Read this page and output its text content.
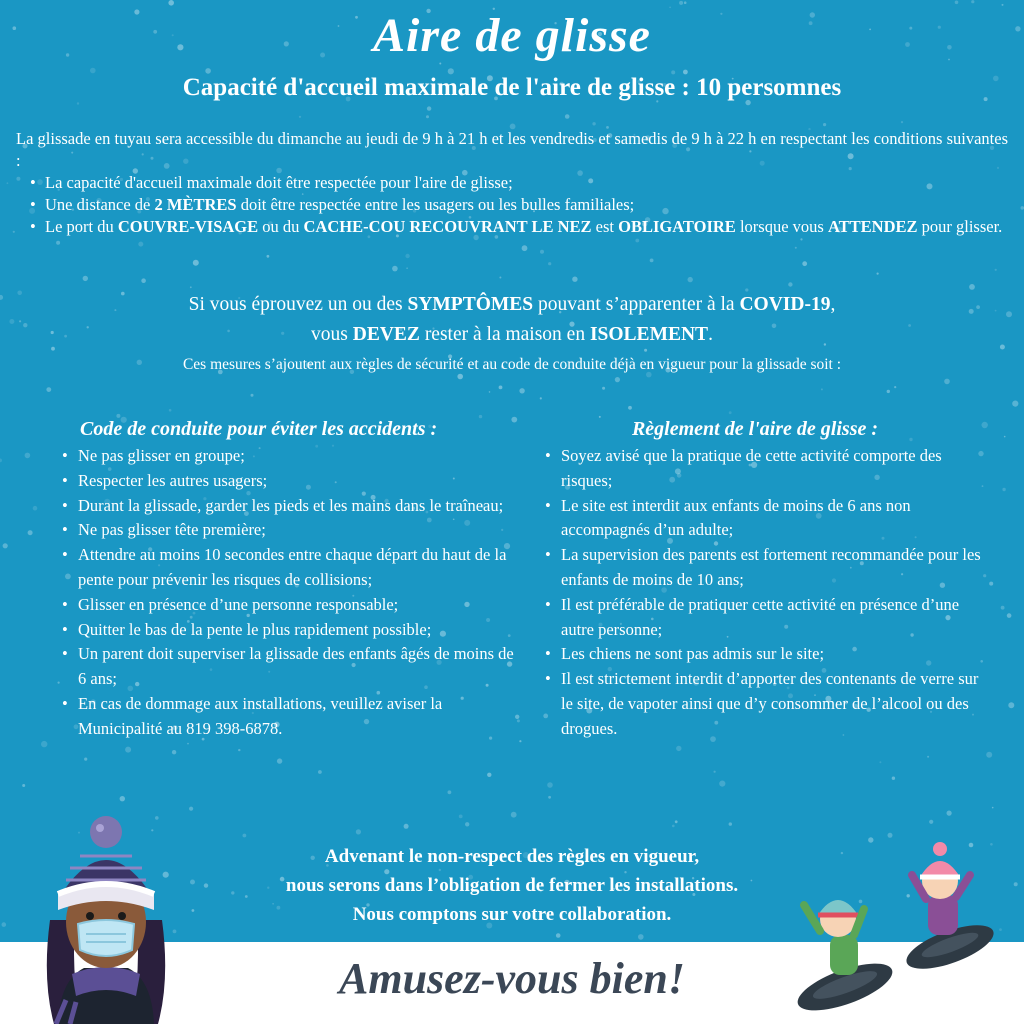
Aire de glisse
Capacité d'accueil maximale de l'aire de glisse : 10 persomnes
La glissade en tuyau sera accessible du dimanche au jeudi de 9 h à 21 h et les vendredis et samedis de 9 h à 22 h en respectant les conditions suivantes :
• La capacité d'accueil maximale doit être respectée pour l'aire de glisse;
• Une distance de 2 MÈTRES doit être respectée entre les usagers ou les bulles familiales;
• Le port du COUVRE-VISAGE ou du CACHE-COU RECOUVRANT LE NEZ est OBLIGATOIRE lorsque vous ATTENDEZ pour glisser.
Si vous éprouvez un ou des SYMPTÔMES pouvant s’apparenter à la COVID-19,
vous DEVEZ rester à la maison en ISOLEMENT.
Ces mesures s’ajoutent aux règles de sécurité et au code de conduite déjà en vigueur pour la glissade soit :
Code de conduite pour éviter les accidents :
• Ne pas glisser en groupe;
• Respecter les autres usagers;
• Durant la glissade, garder les pieds et les mains dans le traîneau;
• Ne pas glisser tête première;
• Attendre au moins 10 secondes entre chaque départ du haut de la pente pour prévenir les risques de collisions;
• Glisser en présence d’une personne responsable;
• Quitter le bas de la pente le plus rapidement possible;
• Un parent doit superviser la glissade des enfants âgés de moins de 6 ans;
• En cas de dommage aux installations, veuillez aviser la Municipalité au 819 398-6878.
Règlement de l'aire de glisse :
• Soyez avisé que la pratique de cette activité comporte des risques;
• Le site est interdit aux enfants de moins de 6 ans non accompagnés d’un adulte;
• La supervision des parents est fortement recommandée pour les enfants de moins de 10 ans;
• Il est préférable de pratiquer cette activité en présence d’une autre personne;
• Les chiens ne sont pas admis sur le site;
• Il est strictement interdit d’apporter des contenants de verre sur le site, de vapoter ainsi que d’y consommer de l’alcool ou des drogues.
Advenant le non-respect des règles en vigueur,
nous serons dans l’obligation de fermer les installations.
Nous comptons sur votre collaboration.
Amusez-vous bien!
